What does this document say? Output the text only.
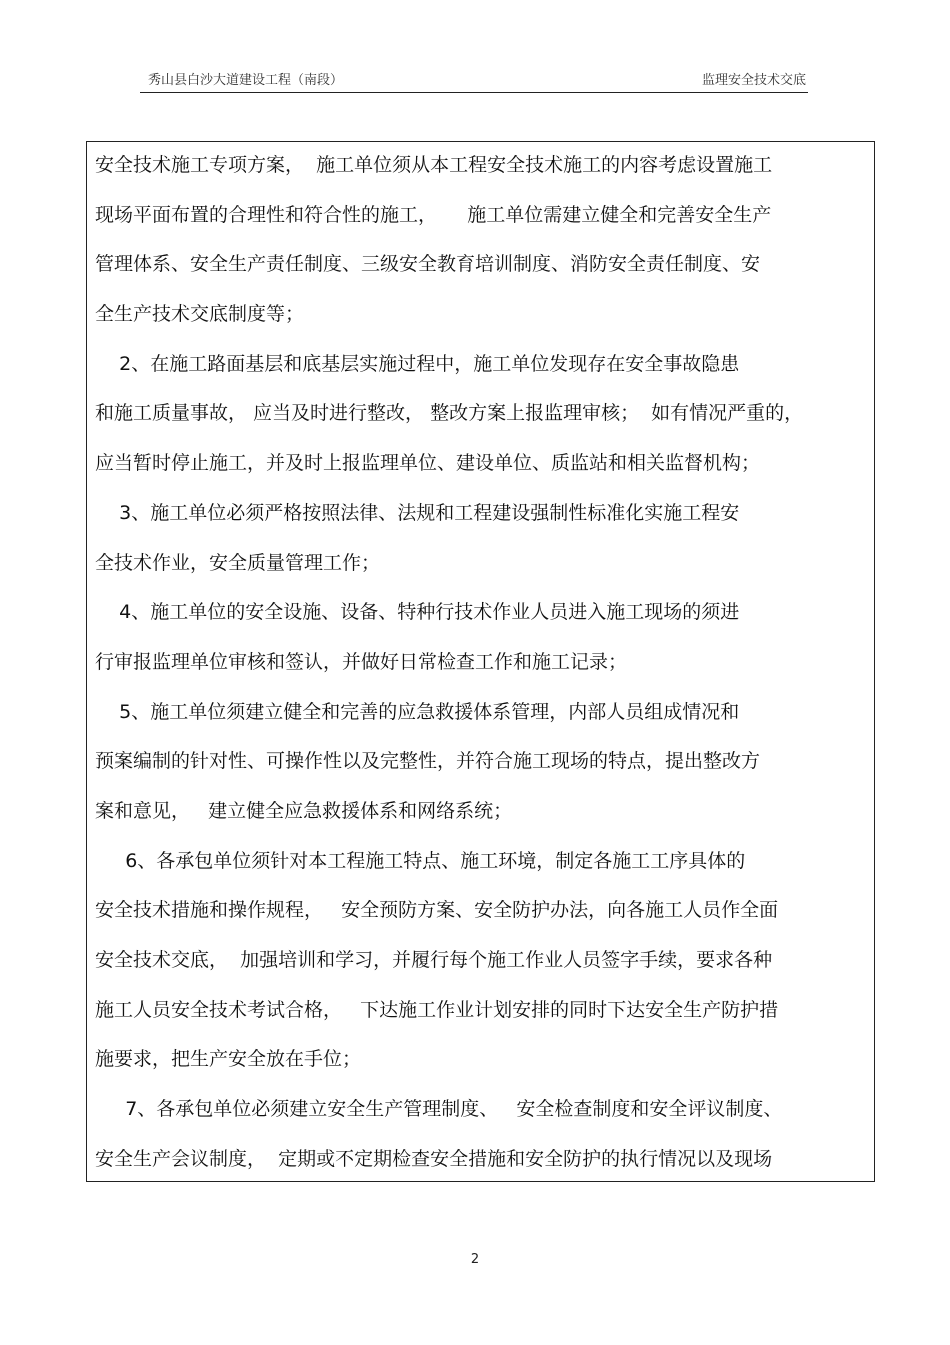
秀山县白沙大道建设工程（南段）	监理安全技术交底
安全技术施工专项方案，  施工单位须从本工程安全技术施工的内容考虑设置施工
现场平面布置的合理性和符合性的施工，     施工单位需建立健全和完善安全生产
管理体系、安全生产责任制度、三级安全教育培训制度、消防安全责任制度、安
全生产技术交底制度等；
2、在施工路面基层和底基层实施过程中，施工单位发现存在安全事故隐患
和施工质量事故， 应当及时进行整改， 整改方案上报监理审核；  如有情况严重的，
应当暂时停止施工，并及时上报监理单位、建设单位、质监站和相关监督机构；
3、施工单位必须严格按照法律、法规和工程建设强制性标准化实施工程安
全技术作业，安全质量管理工作；
4、施工单位的安全设施、设备、特种行技术作业人员进入施工现场的须进
行审报监理单位审核和签认，并做好日常检查工作和施工记录；
5、施工单位须建立健全和完善的应急救援体系管理，内部人员组成情况和
预案编制的针对性、可操作性以及完整性，并符合施工现场的特点，提出整改方
案和意见，   建立健全应急救援体系和网络系统；
6、各承包单位须针对本工程施工特点、施工环境，制定各施工工序具体的
安全技术措施和操作规程，   安全预防方案、安全防护办法，向各施工人员作全面
安全技术交底，  加强培训和学习，并履行每个施工作业人员签字手续，要求各种
施工人员安全技术考试合格，   下达施工作业计划安排的同时下达安全生产防护措
施要求，把生产安全放在手位；
7、各承包单位必须建立安全生产管理制度、   安全检查制度和安全评议制度、
安全生产会议制度，  定期或不定期检查安全措施和安全防护的执行情况以及现场
2
